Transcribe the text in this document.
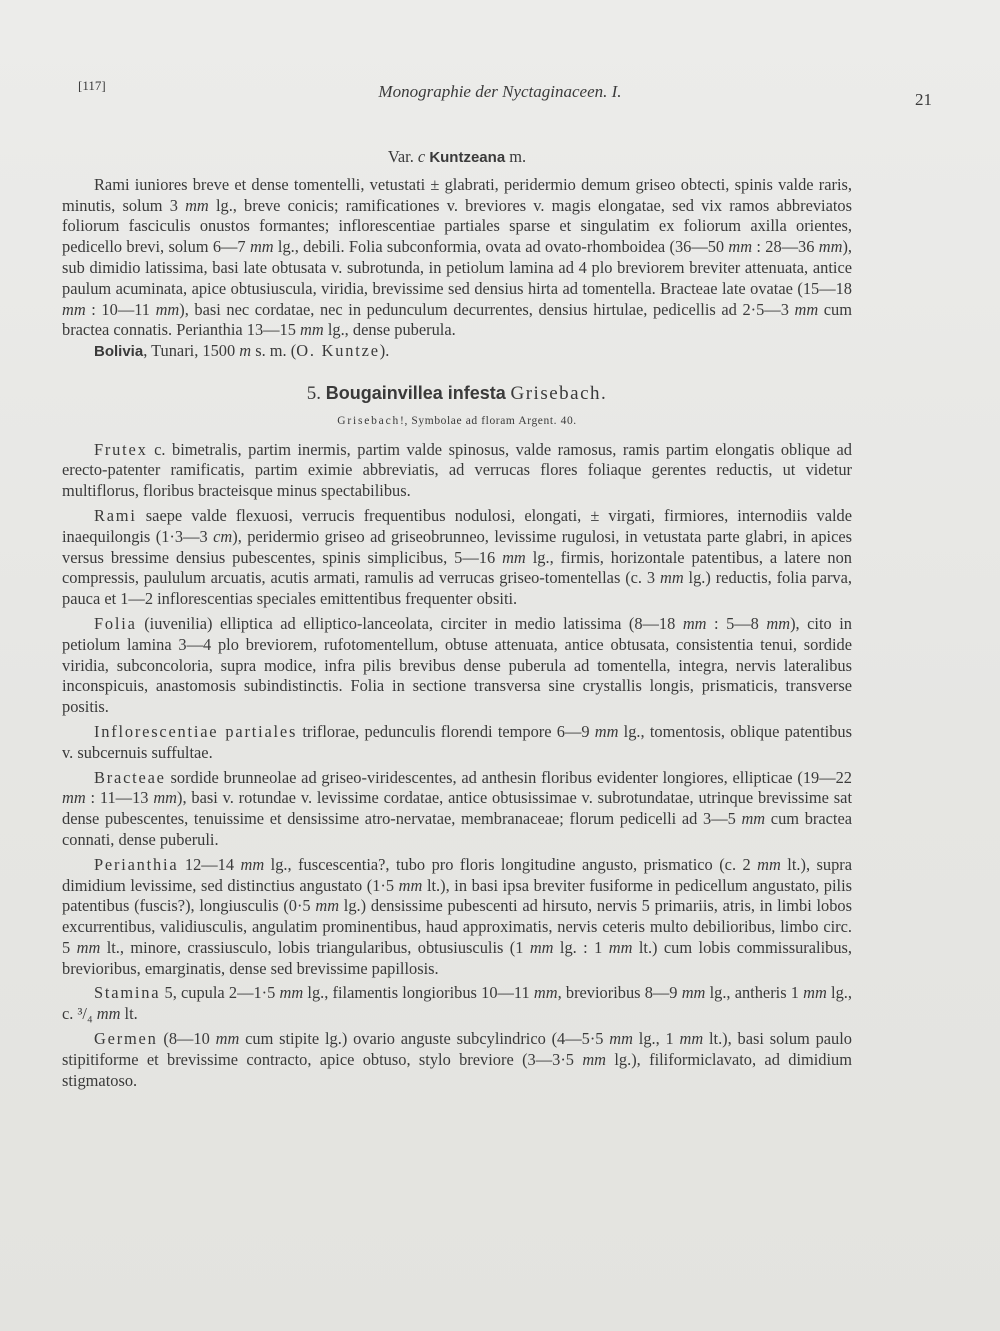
[117]	Monographie der Nyctaginaceen. I.	21

Var. c Kuntzeana m.

Rami iuniores breve et dense tomentelli, vetustati ± glabrati, peridermio demum griseo obtecti, spinis valde raris, minutis, solum 3 mm lg., breve conicis; ramificationes v. breviores v. magis elongatae, sed vix ramos abbreviatos foliorum fasciculis onustos formantes; inflorescentiae partiales sparse et singulatim ex foliorum axilla orientes, pedicello brevi, solum 6—7 mm lg., debili. Folia subconformia, ovata ad ovato-rhomboidea (36—50 mm : 28—36 mm), sub dimidio latissima, basi late obtusata v. subrotunda, in petiolum lamina ad 4 plo breviorem breviter attenuata, antice paulum acuminata, apice obtusiuscula, viridia, brevissime sed densius hirta ad tomentella. Bracteae late ovatae (15—18 mm : 10—11 mm), basi nec cordatae, nec in pedunculum decurrentes, densius hirtulae, pedicellis ad 2·5—3 mm cum bractea connatis. Perianthia 13—15 mm lg., dense puberula.

Bolivia, Tunari, 1500 m s. m. (O. Kuntze).

5. Bougainvillea infesta Grisebach.

Grisebach!, Symbolae ad floram Argent. 40.

Frutex c. bimetralis, partim inermis, partim valde spinosus, valde ramosus, ramis partim elongatis oblique ad erecto-patenter ramificatis, partim eximie abbreviatis, ad verrucas flores foliaque gerentes reductis, ut videtur multiflorus, floribus bracteisque minus spectabilibus.

Rami saepe valde flexuosi, verrucis frequentibus nodulosi, elongati, ± virgati, firmiores, internodiis valde inaequilongis (1·3—3 cm), peridermio griseo ad griseobrunneo, levissime rugulosi, in vetustata parte glabri, in apices versus bressime densius pubescentes, spinis simplicibus, 5—16 mm lg., firmis, horizontale patentibus, a latere non compressis, paululum arcuatis, acutis armati, ramulis ad verrucas griseo-tomentellas (c. 3 mm lg.) reductis, folia parva, pauca et 1—2 inflorescentias speciales emittentibus frequenter obsiti.

Folia (iuvenilia) elliptica ad elliptico-lanceolata, circiter in medio latissima (8—18 mm : 5—8 mm), cito in petiolum lamina 3—4 plo breviorem, rufotomentellum, obtuse attenuata, antice obtusata, consistentia tenui, sordide viridia, subconcoloria, supra modice, infra pilis brevibus dense puberula ad tomentella, integra, nervis lateralibus inconspicuis, anastomosis subindistinctis. Folia in sectione transversa sine crystallis longis, prismaticis, transverse positis.

Inflorescentiae partiales triflorae, pedunculis florendi tempore 6—9 mm lg., tomentosis, oblique patentibus v. subcernuis suffultae.

Bracteae sordide brunneolae ad griseo-viridescentes, ad anthesin floribus evidenter longiores, ellipticae (19—22 mm : 11—13 mm), basi v. rotundae v. levissime cordatae, antice obtusissimae v. subrotundatae, utrinque brevissime sat dense pubescentes, tenuissime et densissime atro-nervatae, membranaceae; florum pedicelli ad 3—5 mm cum bractea connati, dense puberuli.

Perianthia 12—14 mm lg., fuscescentia?, tubo pro floris longitudine angusto, prismatico (c. 2 mm lt.), supra dimidium levissime, sed distinctius angustato (1·5 mm lt.), in basi ipsa breviter fusiforme in pedicellum angustato, pilis patentibus (fuscis?), longiusculis (0·5 mm lg.) densissime pubescenti ad hirsuto, nervis 5 primariis, atris, in limbi lobos excurrentibus, validiusculis, angulatim prominentibus, haud approximatis, nervis ceteris multo debilioribus, limbo circ. 5 mm lt., minore, crassiusculo, lobis triangularibus, obtusiusculis (1 mm lg. : 1 mm lt.) cum lobis commissuralibus, brevioribus, emarginatis, dense sed brevissime papillosis.

Stamina 5, cupula 2—1·5 mm lg., filamentis longioribus 10—11 mm, brevioribus 8—9 mm lg., antheris 1 mm lg., c. ³/₄ mm lt.

Germen (8—10 mm cum stipite lg.) ovario anguste subcylindrico (4—5·5 mm lg., 1 mm lt.), basi solum paulo stipitiforme et brevissime contracto, apice obtuso, stylo breviore (3—3·5 mm lg.), filiformiclavato, ad dimidium stigmatoso.
